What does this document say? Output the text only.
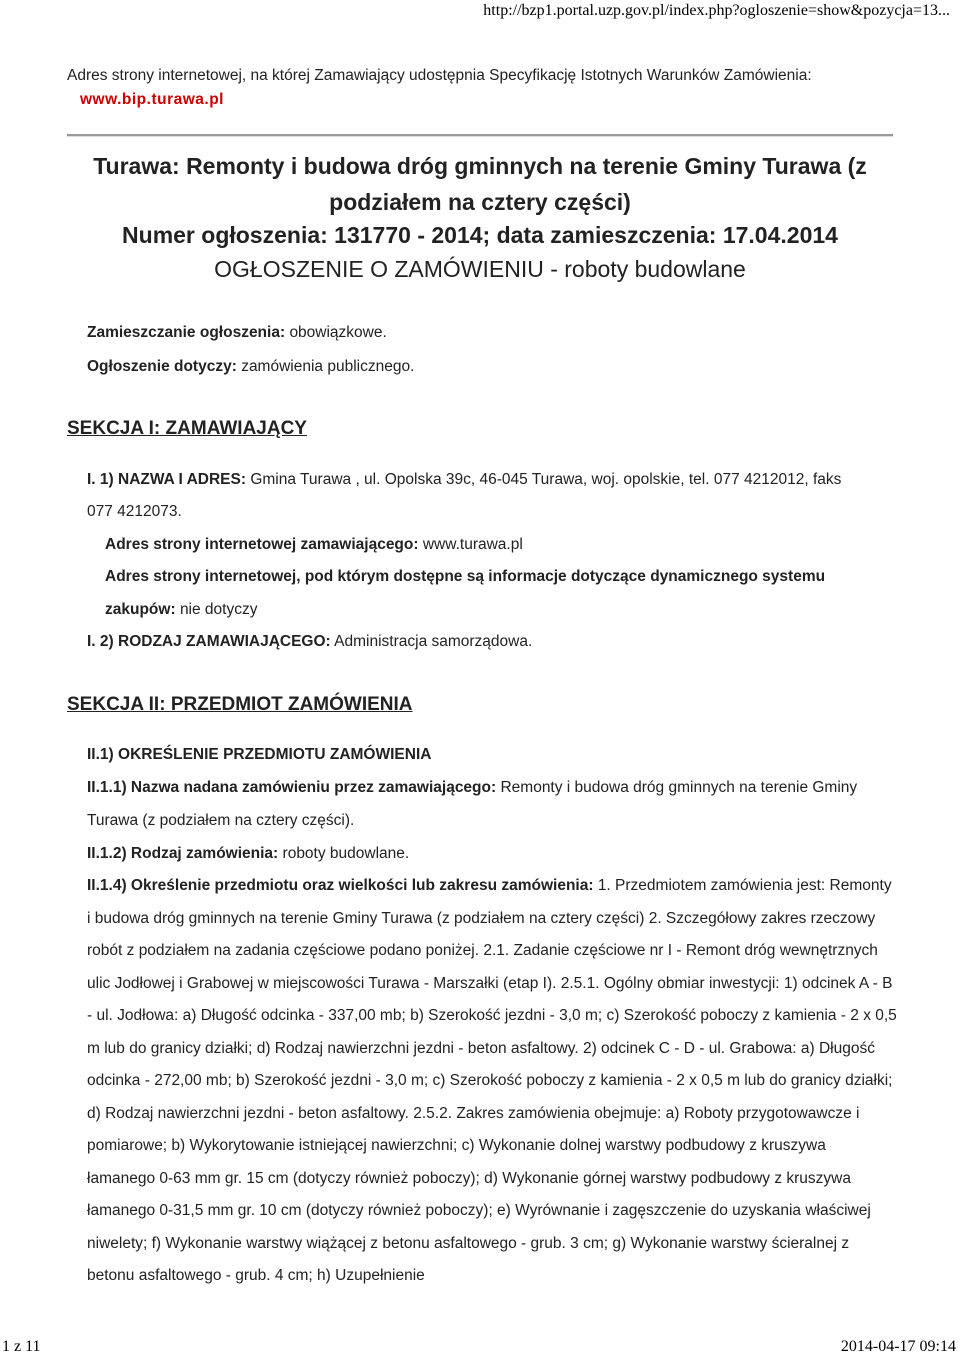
http://bzp1.portal.uzp.gov.pl/index.php?ogloszenie=show&pozycja=13...
Adres strony internetowej, na której Zamawiający udostępnia Specyfikację Istotnych Warunków Zamówienia:
www.bip.turawa.pl
Turawa: Remonty i budowa dróg gminnych na terenie Gminy Turawa (z podziałem na cztery części)
Numer ogłoszenia: 131770 - 2014; data zamieszczenia: 17.04.2014
OGŁOSZENIE O ZAMÓWIENIU - roboty budowlane
Zamieszczanie ogłoszenia: obowiązkowe.
Ogłoszenie dotyczy: zamówienia publicznego.
SEKCJA I: ZAMAWIAJĄCY
I. 1) NAZWA I ADRES: Gmina Turawa , ul. Opolska 39c, 46-045 Turawa, woj. opolskie, tel. 077 4212012, faks
077 4212073.
Adres strony internetowej zamawiającego: www.turawa.pl
Adres strony internetowej, pod którym dostępne są informacje dotyczące dynamicznego systemu
zakupów: nie dotyczy
I. 2) RODZAJ ZAMAWIAJĄCEGO: Administracja samorządowa.
SEKCJA II: PRZEDMIOT ZAMÓWIENIA
II.1) OKREŚLENIE PRZEDMIOTU ZAMÓWIENIA
II.1.1) Nazwa nadana zamówieniu przez zamawiającego: Remonty i budowa dróg gminnych na terenie Gminy Turawa (z podziałem na cztery części).
II.1.2) Rodzaj zamówienia: roboty budowlane.
II.1.4) Określenie przedmiotu oraz wielkości lub zakresu zamówienia: 1. Przedmiotem zamówienia jest: Remonty i budowa dróg gminnych na terenie Gminy Turawa (z podziałem na cztery części) 2. Szczegółowy zakres rzeczowy robót z podziałem na zadania częściowe podano poniżej. 2.1. Zadanie częściowe nr I - Remont dróg wewnętrznych ulic Jodłowej i Grabowej w miejscowości Turawa - Marszałki (etap I). 2.5.1. Ogólny obmiar inwestycji: 1) odcinek A - B - ul. Jodłowa: a) Długość odcinka - 337,00 mb; b) Szerokość jezdni - 3,0 m; c) Szerokość poboczy z kamienia - 2 x 0,5 m lub do granicy działki; d) Rodzaj nawierzchni jezdni - beton asfaltowy. 2) odcinek C - D - ul. Grabowa: a) Długość odcinka - 272,00 mb; b) Szerokość jezdni - 3,0 m; c) Szerokość poboczy z kamienia - 2 x 0,5 m lub do granicy działki; d) Rodzaj nawierzchni jezdni - beton asfaltowy. 2.5.2. Zakres zamówienia obejmuje: a) Roboty przygotowawcze i pomiarowe; b) Wykorytowanie istniejącej nawierzchni; c) Wykonanie dolnej warstwy podbudowy z kruszywa łamanego 0-63 mm gr. 15 cm (dotyczy również poboczy); d) Wykonanie górnej warstwy podbudowy z kruszywa łamanego 0-31,5 mm gr. 10 cm (dotyczy również poboczy); e) Wyrównanie i zagęszczenie do uzyskania właściwej niwelety; f) Wykonanie warstwy wiążącej z betonu asfaltowego - grub. 3 cm; g) Wykonanie warstwy ścieralnej z betonu asfaltowego - grub. 4 cm; h) Uzupełnienie
1 z 11	2014-04-17 09:14
